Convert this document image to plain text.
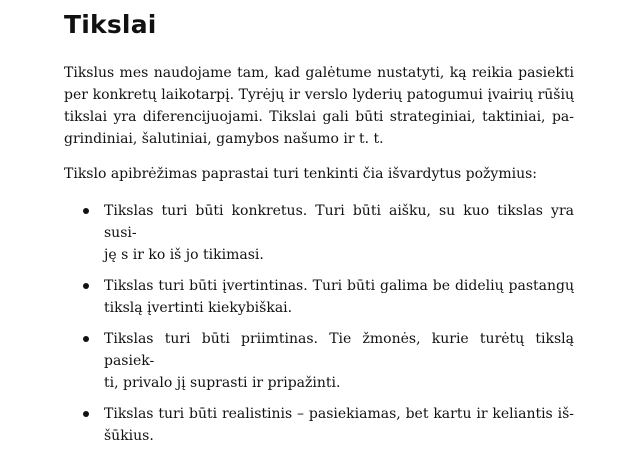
Tikslai

Tikslus mes naudojame tam, kad galėtume nustatyti, ką reikia pasiekti
per konkretų laikotarpį. Tyrėjų ir verslo lyderių patogumui įvairių rūšių
tikslai yra diferencijuojami. Tikslai gali būti strateginiai, taktiniai, pa-
grindiniai, šalutiniai, gamybos našumo ir t. t.

Tikslo apibrėžimas paprastai turi tenkinti čia išvardytus požymius:

Tikslas turi būti konkretus. Turi būti aišku, su kuo tikslas yra susi-
ję s ir ko iš jo tikimasi.
Tikslas turi būti įvertintinas. Turi būti galima be didelių pastangų
tikslą įvertinti kiekybiškai.
Tikslas turi būti priimtinas. Tie žmonės, kurie turėtų tikslą pasiek-
ti, privalo jį suprasti ir pripažinti.
Tikslas turi būti realistinis – pasiekiamas, bet kartu ir keliantis iš-
šūkius.
